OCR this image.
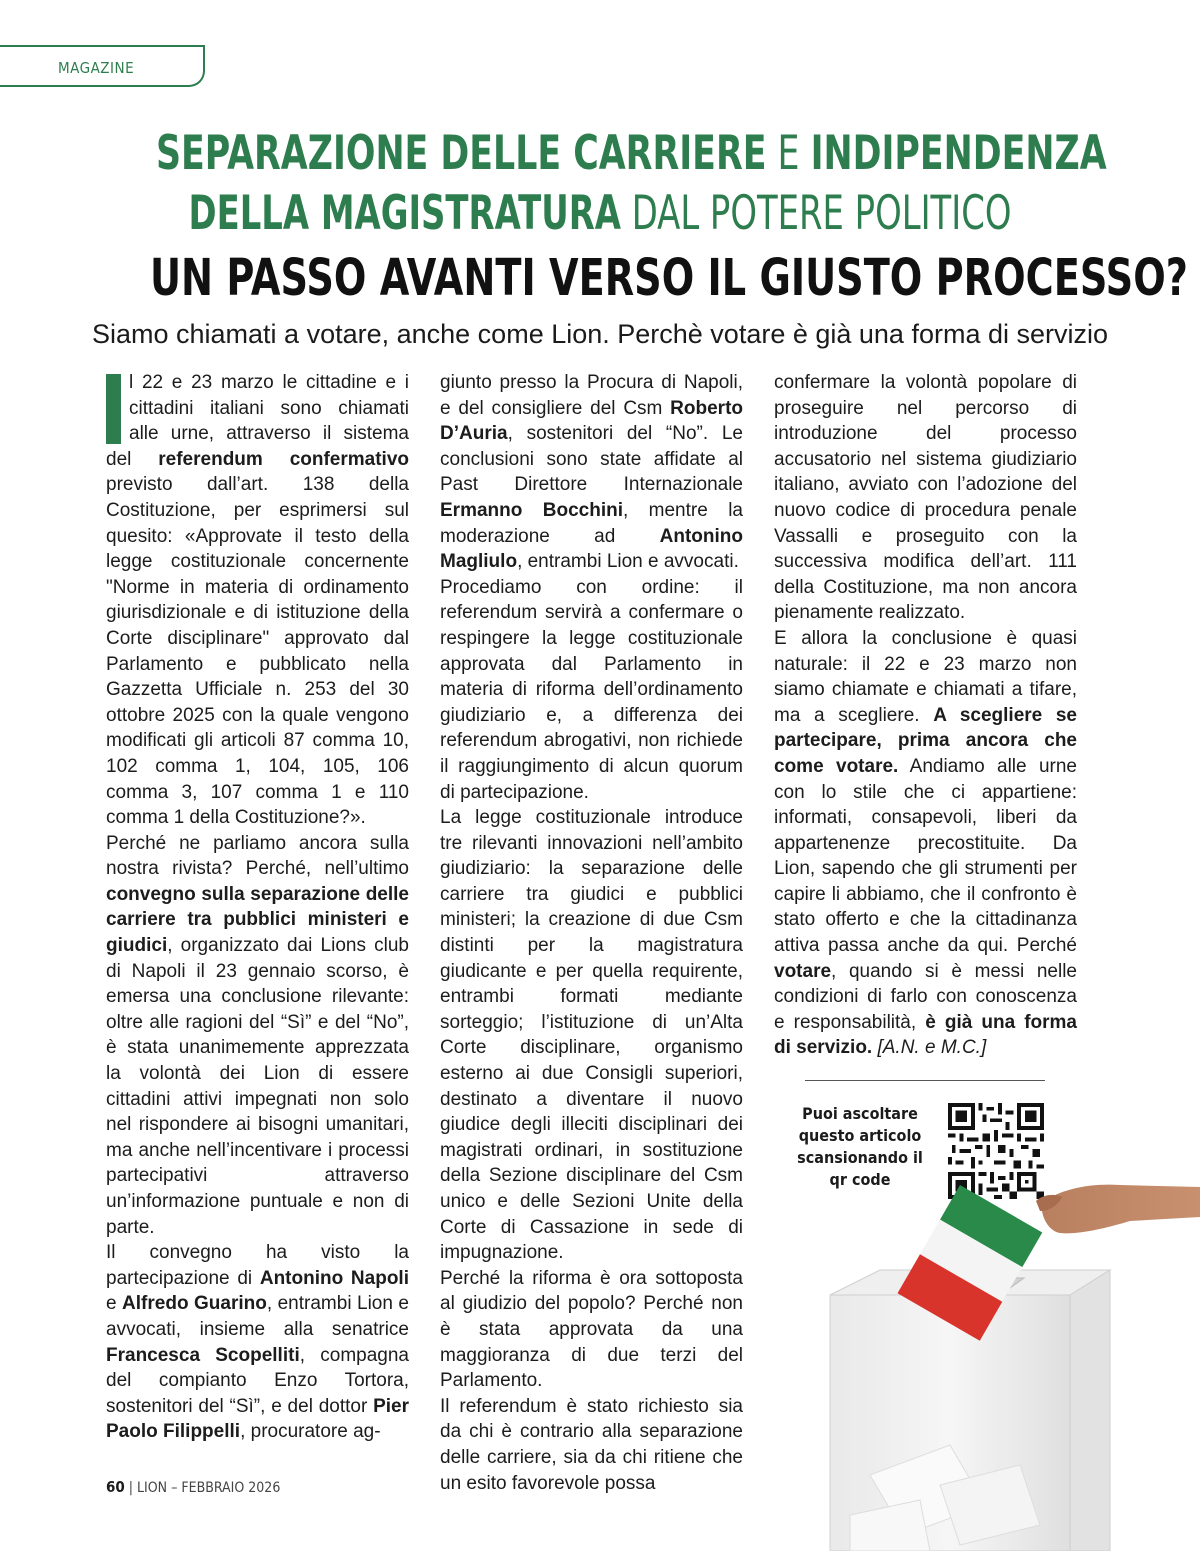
MAGAZINE
SEPARAZIONE DELLE CARRIERE E INDIPENDENZA
DELLA MAGISTRATURA DAL POTERE POLITICO
UN PASSO AVANTI VERSO IL GIUSTO PROCESSO?
Siamo chiamati a votare, anche come Lion. Perchè votare è già una forma di servizio

l 22 e 23 marzo le cittadine e i cittadini italiani sono chiamati alle urne, attraverso il sistema del referendum confermativo previsto dall’art. 138 della Costituzione, per esprimersi sul quesito: «Approvate il testo della legge costituzionale concernente "Norme in materia di ordinamento giurisdizionale e di istituzione della Corte disciplinare" approvato dal Parlamento e pubblicato nella Gazzetta Ufficiale n. 253 del 30 ottobre 2025 con la quale vengono modificati gli articoli 87 comma 10, 102 comma 1, 104, 105, 106 comma 3, 107 comma 1 e 110 comma 1 della Costituzione?».

Perché ne parliamo ancora sulla nostra rivista? Perché, nell’ultimo convegno sulla separazione delle carriere tra pubblici ministeri e giudici, organizzato dai Lions club di Napoli il 23 gennaio scorso, è emersa una conclusione rilevante: oltre alle ragioni del “Sì” e del “No”, è stata unanimemente apprezzata la volontà dei Lion di essere cittadini attivi impegnati non solo nel rispondere ai bisogni umanitari, ma anche nell’incentivare i processi partecipativi attraverso un’informazione puntuale e non di parte.

Il convegno ha visto la partecipazione di Antonino Napoli e Alfredo Guarino, entrambi Lion e avvocati, insieme alla senatrice Francesca Scopelliti, compagna del compianto Enzo Tortora, sostenitori del “Sì”, e del dottor Pier Paolo Filippelli, procuratore ag-

giunto presso la Procura di Napoli, e del consigliere del Csm Roberto D’Auria, sostenitori del “No”. Le conclusioni sono state affidate al Past Direttore Internazionale Ermanno Bocchini, mentre la moderazione ad Antonino Magliulo, entrambi Lion e avvocati.

Procediamo con ordine: il referendum servirà a confermare o respingere la legge costituzionale approvata dal Parlamento in materia di riforma dell’ordinamento giudiziario e, a differenza dei referendum abrogativi, non richiede il raggiungimento di alcun quorum di partecipazione.

La legge costituzionale introduce tre rilevanti innovazioni nell’ambito giudiziario: la separazione delle carriere tra giudici e pubblici ministeri; la creazione di due Csm distinti per la magistratura giudicante e per quella requirente, entrambi formati mediante sorteggio; l’istituzione di un’Alta Corte disciplinare, organismo esterno ai due Consigli superiori, destinato a diventare il nuovo giudice degli illeciti disciplinari dei magistrati ordinari, in sostituzione della Sezione disciplinare del Csm unico e delle Sezioni Unite della Corte di Cassazione in sede di impugnazione.

Perché la riforma è ora sottoposta al giudizio del popolo? Perché non è stata approvata da una maggioranza di due terzi del Parlamento.

Il referendum è stato richiesto sia da chi è contrario alla separazione delle carriere, sia da chi ritiene che un esito favorevole possa

confermare la volontà popolare di proseguire nel percorso di introduzione del processo accusatorio nel sistema giudiziario italiano, avviato con l’adozione del nuovo codice di procedura penale Vassalli e proseguito con la successiva modifica dell’art. 111 della Costituzione, ma non ancora pienamente realizzato.

E allora la conclusione è quasi naturale: il 22 e 23 marzo non siamo chiamate e chiamati a tifare, ma a scegliere. A scegliere se partecipare, prima ancora che come votare. Andiamo alle urne con lo stile che ci appartiene: informati, consapevoli, liberi da appartenenze precostituite. Da Lion, sapendo che gli strumenti per capire li abbiamo, che il confronto è stato offerto e che la cittadinanza attiva passa anche da qui. Perché votare, quando si è messi nelle condizioni di farlo con conoscenza e responsabilità, è già una forma di servizio. [A.N. e M.C.]

Puoi ascoltare questo articolo scansionando il qr code
60 | LION – FEBBRAIO 2026
